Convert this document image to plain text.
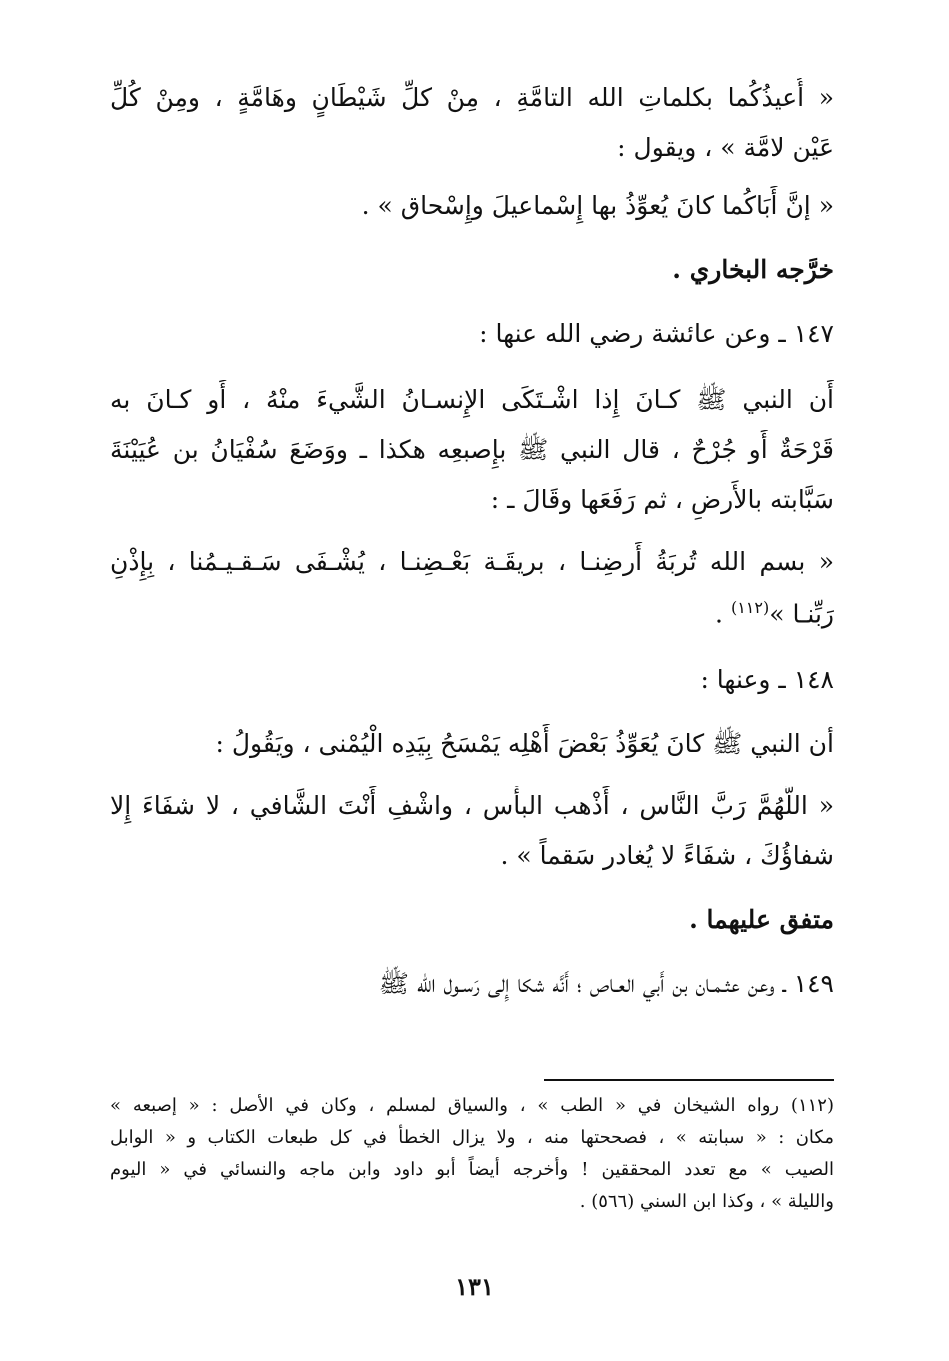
« أُعيذُكُما بكلماتِ الله التامَّةِ ، مِنْ كلِّ شَيْطَانٍ وهَامَّةٍ ، ومِنْ كُلِّ

عَيْن لامَّة » ، ويقول :

« إنَّ أَبَاكُما كانَ يُعوِّذُ بها إِسْماعيلَ وإِسْحاق » .

خرَّجه البخاري .

١٤٧ ـ وعن عائشة رضي الله عنها :

أَن النبي ﷺ كـانَ إِذا اشْـتَكَى الإِنسـانُ الشَّيءَ منْهُ ، أَو كـانَ به

قَرْحَةٌ أَو جُرْحٌ ، قال النبي ﷺ بإِصبعِه هكذا ـ ووَضَعَ سُفْيَانُ بن عُيَيْنَةَ

سَبَّابته بالأَرضِ ، ثم رَفَعَها وقَالَ ـ :

« بسم الله تُربَةُ أَرضِنـا ، بريقَـة بَعْـضِنـا ، يُشْـفَى سَـقـيـمُنا ، بِإِذْنِ

رَبِّنـا »$^{(١١٢)}$ .

١٤٨ ـ وعنها :

أن النبي ﷺ كانَ يُعَوِّذُ بَعْضَ أَهْلِه يَمْسَحُ بِيَدِه الْيُمْنى ، ويَقُولُ :

« اللَّهُمَّ رَبَّ النَّاس ، أَذْهب البأْس ، واشْفِ أَنْتَ الشَّافي ، لا شفَاءَ إِلا

شفاؤُكَ ، شفَاءً لا يُغادر سَقماً » .

متفق عليهما .

١٤٩ ـ وعن عثـمـان بن أَبي العـاص ؛ أَنَّه شكا إِلى رَسـول الله ﷺ

(١١٢) رواه الشيخان في « الطب » ، والسياق لمسلم ، وكان في الأصل : « إصبعه »

مكان : « سبابته » ، فصححتها منه ، ولا يزال الخطأ في كل طبعات الكتاب و « الوابل

الصيب » مع تعدد المحققين ! وأخرجه أيضاً أبو داود وابن ماجه والنسائي في « اليوم

والليلة » ، وكذا ابن السني (٥٦٦) .

١٣١
